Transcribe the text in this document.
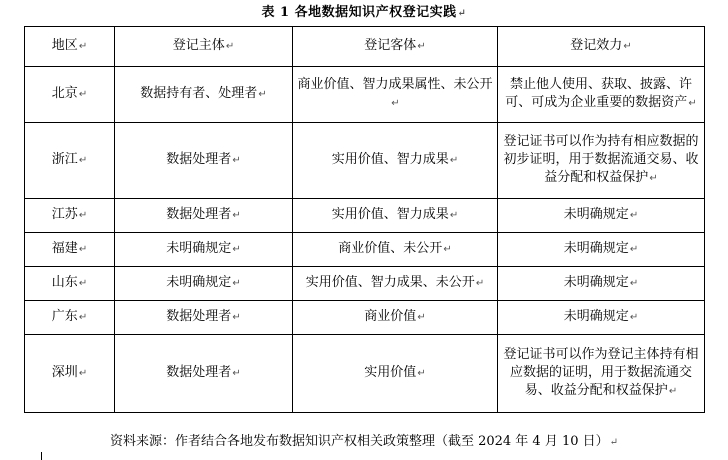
表 1 各地数据知识产权登记实践↵
地区↵	登记主体↵	登记客体↵	登记效力↵
北京↵	数据持有者、处理者↵	商业价值、智力成果属性、未公开↵	禁止他人使用、获取、披露、许可、可成为企业重要的数据资产↵
浙江↵	数据处理者↵	实用价值、智力成果↵	登记证书可以作为持有相应数据的初步证明，用于数据流通交易、收益分配和权益保护↵
江苏↵	数据处理者↵	实用价值、智力成果↵	未明确规定↵
福建↵	未明确规定↵	商业价值、未公开↵	未明确规定↵
山东↵	未明确规定↵	实用价值、智力成果、未公开↵	未明确规定↵
广东↵	数据处理者↵	商业价值↵	未明确规定↵
深圳↵	数据处理者↵	实用价值↵	登记证书可以作为登记主体持有相应数据的证明，用于数据流通交易、收益分配和权益保护↵
资料来源：作者结合各地发布数据知识产权相关政策整理（截至 2024 年 4 月 10 日）↵
